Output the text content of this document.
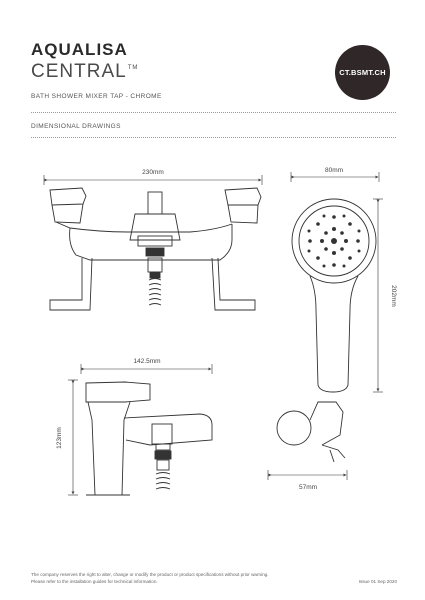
AQUALISA
CENTRAL™	CT.BSMT.CH
BATH SHOWER MIXER TAP - CHROME
DIMENSIONAL DRAWINGS
230mm	80mm
202mm
57mm
142.5mm
123mm
The company reserves the right to alter, change or modify the product or product specifications without prior warning.
Please refer to the installation guides for technical information.	Issue 01 Sep 2020
